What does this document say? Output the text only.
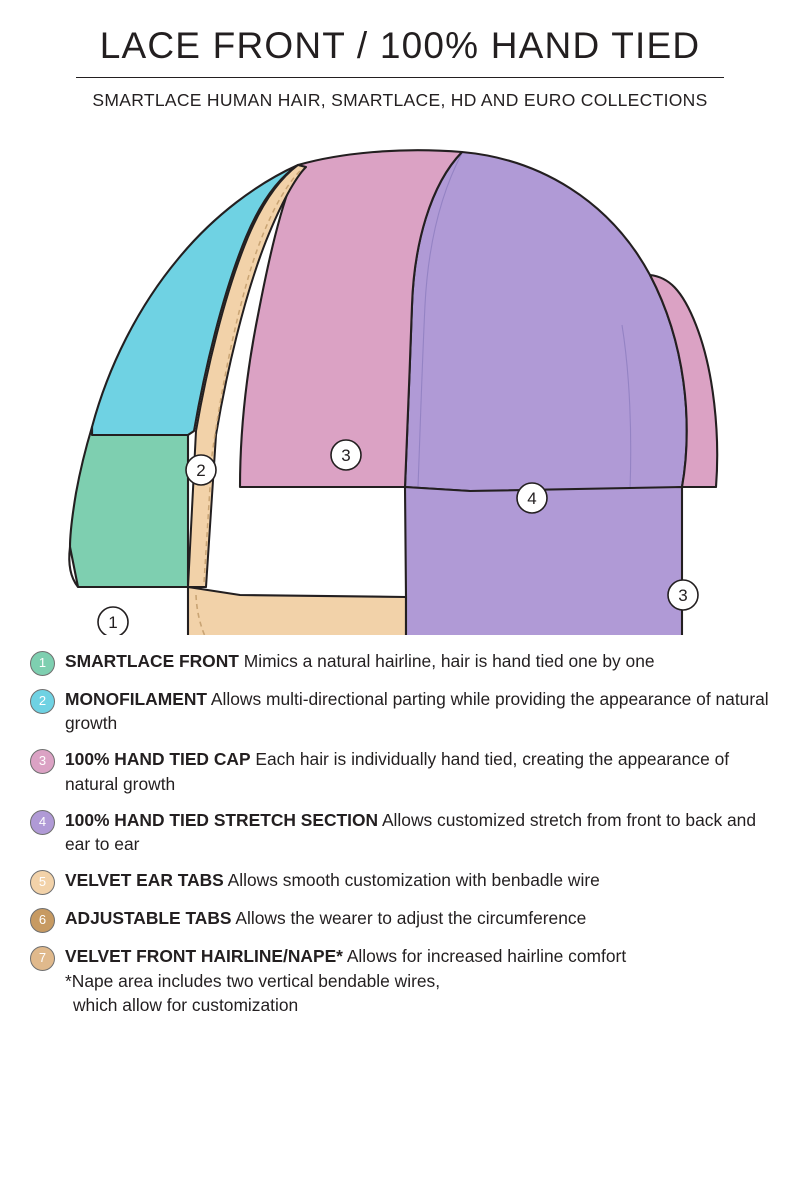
LACE FRONT / 100% HAND TIED
SMARTLACE HUMAN HAIR, SMARTLACE, HD AND EURO COLLECTIONS
1
2
3
4
3
1	SMARTLACE FRONT Mimics a natural hairline, hair is hand tied one by one
2	MONOFILAMENT Allows multi-directional parting while providing the appearance of natural growth
3	100% HAND TIED CAP Each hair is individually hand tied, creating the appearance of natural growth
4	100% HAND TIED STRETCH SECTION Allows customized stretch from front to back and ear to ear
5	VELVET EAR TABS Allows smooth customization with benbadle wire
6	ADJUSTABLE TABS Allows the wearer to adjust the circumference
7	VELVET FRONT HAIRLINE/NAPE* Allows for increased hairline comfort
*Nape area includes two vertical bendable wires,
which allow for customization
